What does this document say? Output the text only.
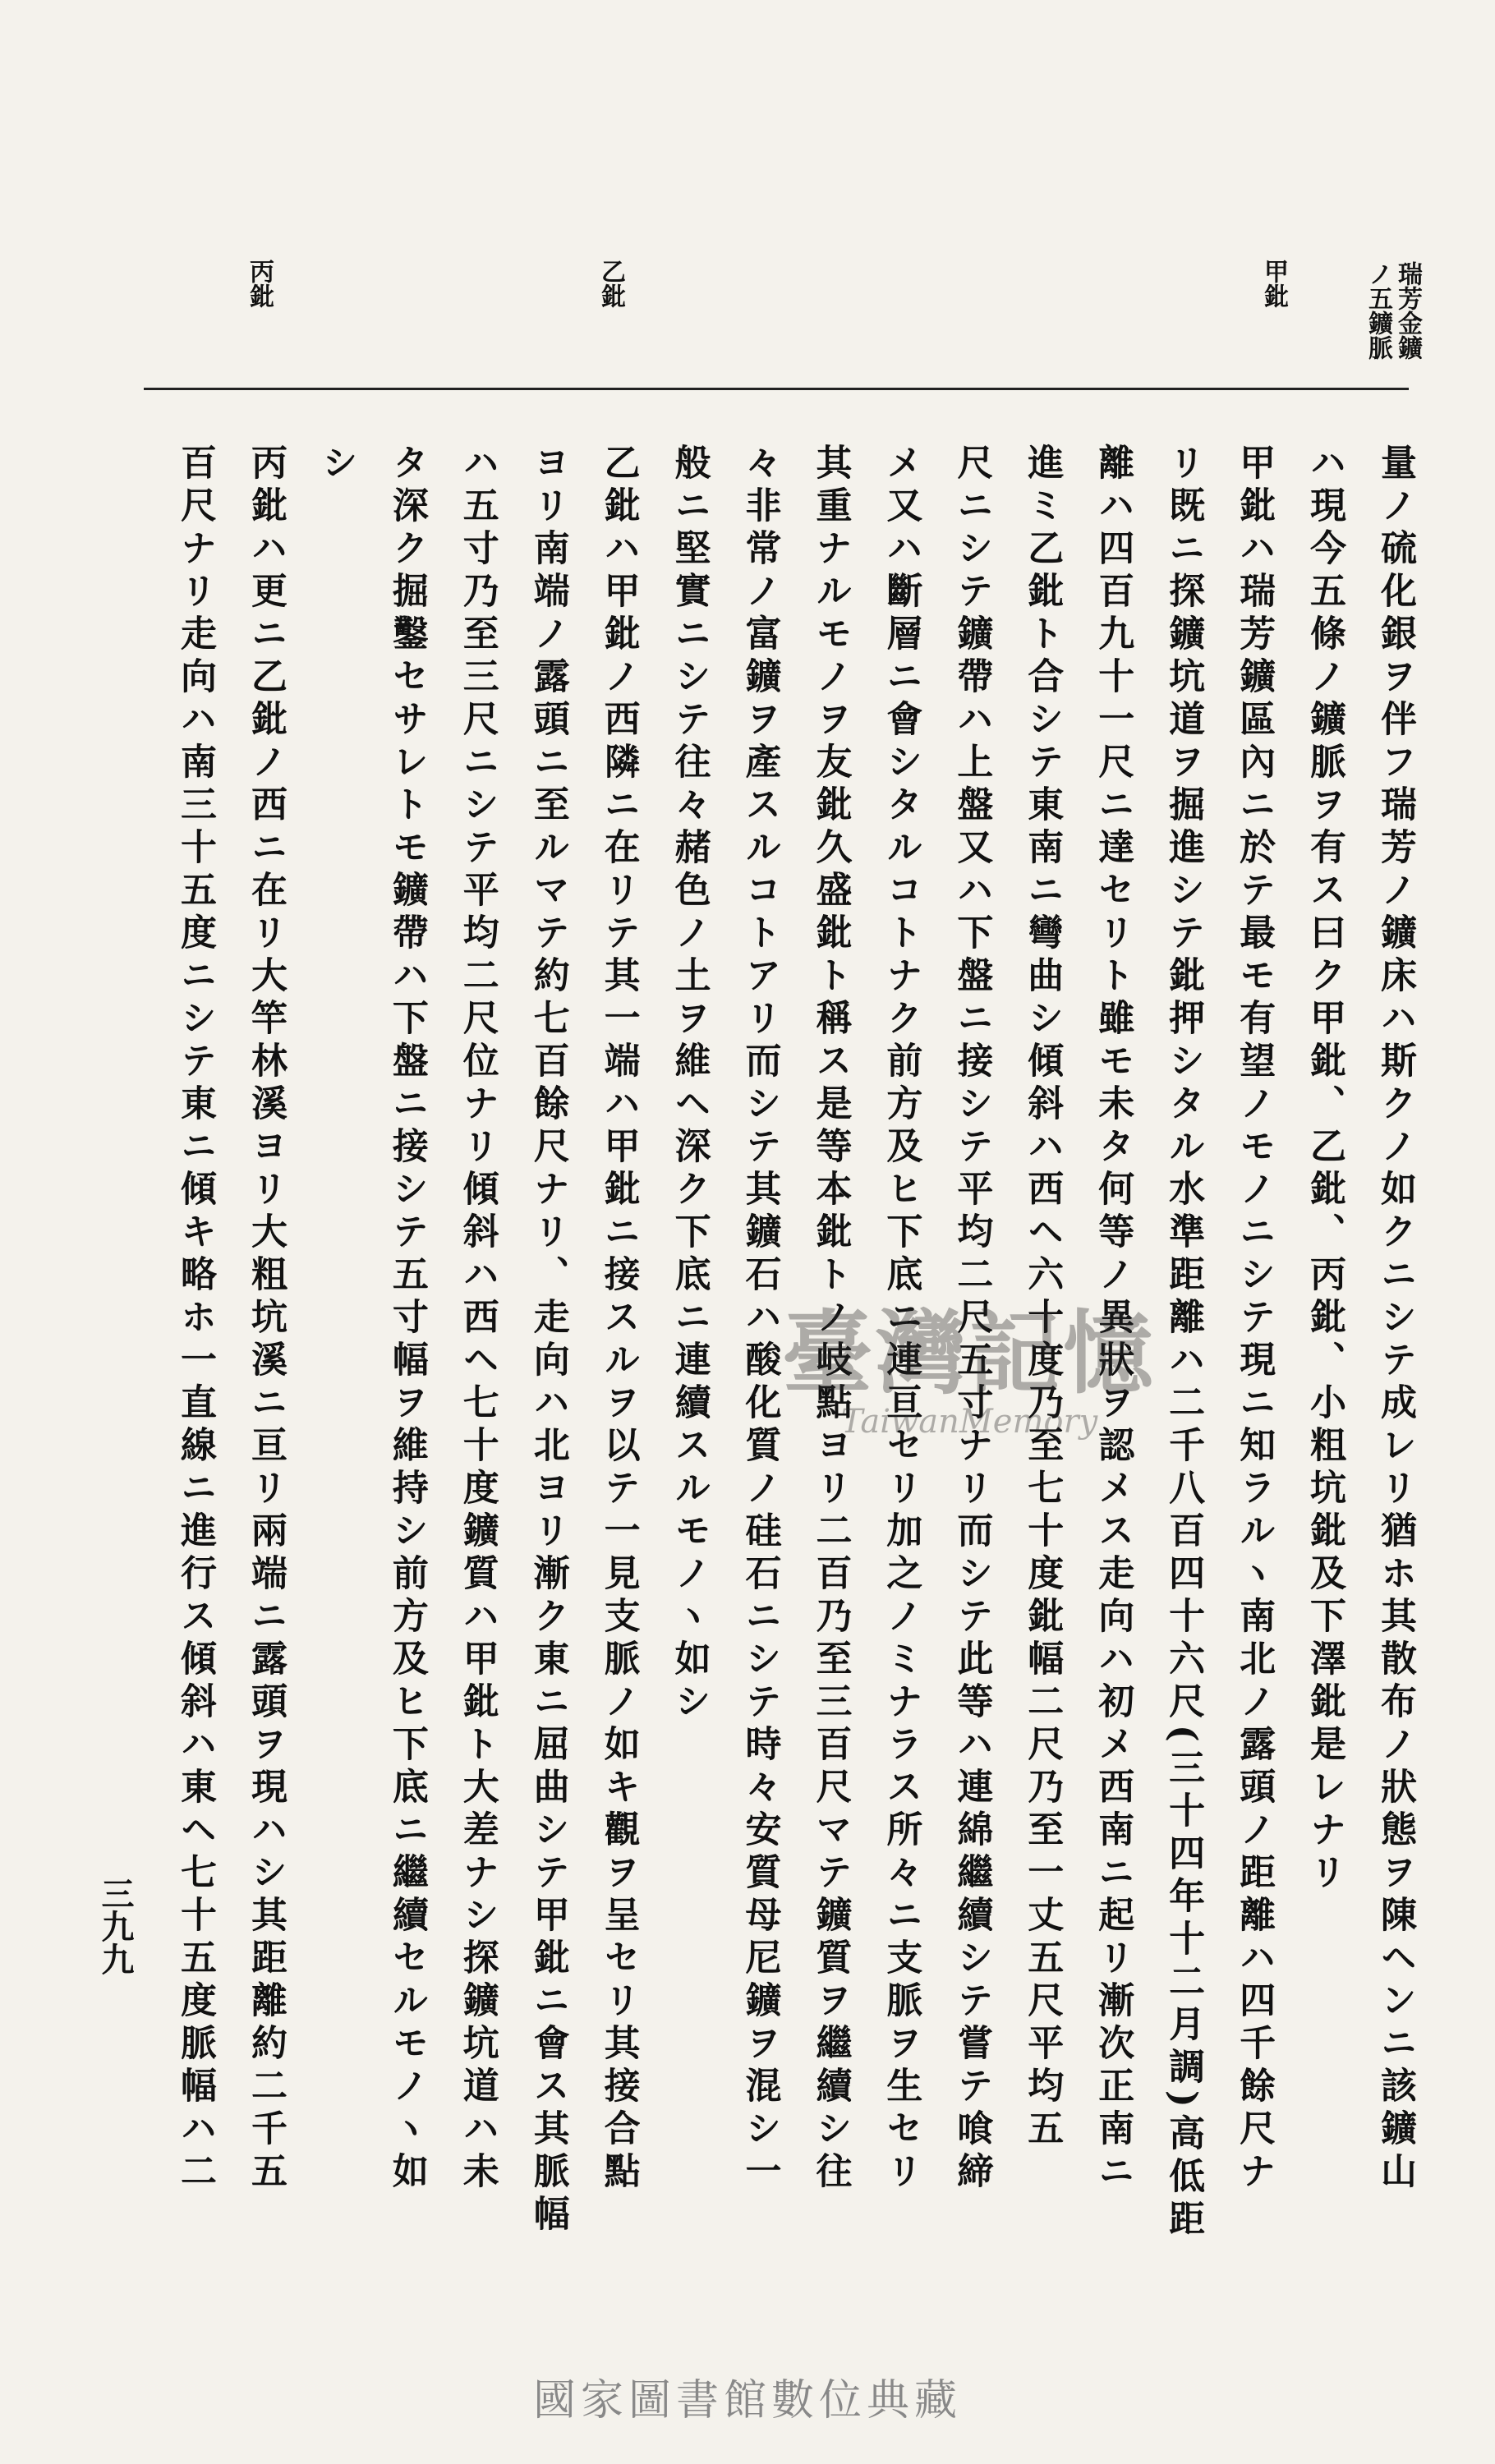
瑞芳金鑛
ノ五鑛脈
甲鈚
乙鈚
丙鈚
量ノ硫化銀ヲ伴フ瑞芳ノ鑛床ハ斯クノ如クニシテ成レリ猶ホ其散布ノ狀態ヲ陳ヘンニ該鑛山
ハ現今五條ノ鑛脈ヲ有ス曰ク甲鈚、乙鈚、丙鈚、小粗坑鈚及下澤鈚是レナリ
甲鈚ハ瑞芳鑛區內ニ於テ最モ有望ノモノニシテ現ニ知ラルヽ南北ノ露頭ノ距離ハ四千餘尺ナ
リ既ニ探鑛坑道ヲ掘進シテ鈚押シタル水準距離ハ二千八百四十六尺(三十四年十二月調)高低距
離ハ四百九十一尺ニ達セリト雖モ未タ何等ノ異狀ヲ認メス走向ハ初メ西南ニ起リ漸次正南ニ
進ミ乙鈚ト合シテ東南ニ彎曲シ傾斜ハ西ヘ六十度乃至七十度鈚幅二尺乃至一丈五尺平均五
尺ニシテ鑛帶ハ上盤又ハ下盤ニ接シテ平均二尺五寸ナリ而シテ此等ハ連綿繼續シテ嘗テ喰締
メ又ハ斷層ニ會シタルコトナク前方及ヒ下底ニ連亘セリ加之ノミナラス所々ニ支脈ヲ生セリ
其重ナルモノヲ友鈚久盛鈚ト稱ス是等本鈚トノ岐點ヨリ二百乃至三百尺マテ鑛質ヲ繼續シ往
々非常ノ富鑛ヲ產スルコトアリ而シテ其鑛石ハ酸化質ノ硅石ニシテ時々安質母尼鑛ヲ混シ一
般ニ堅實ニシテ往々赭色ノ土ヲ維ヘ深ク下底ニ連續スルモノヽ如シ
乙鈚ハ甲鈚ノ西隣ニ在リテ其一端ハ甲鈚ニ接スルヲ以テ一見支脈ノ如キ觀ヲ呈セリ其接合點
ヨリ南端ノ露頭ニ至ルマテ約七百餘尺ナリ、走向ハ北ヨリ漸ク東ニ屈曲シテ甲鈚ニ會ス其脈幅
ハ五寸乃至三尺ニシテ平均二尺位ナリ傾斜ハ西ヘ七十度鑛質ハ甲鈚ト大差ナシ探鑛坑道ハ未
タ深ク掘鑿セサレトモ鑛帶ハ下盤ニ接シテ五寸幅ヲ維持シ前方及ヒ下底ニ繼續セルモノヽ如
シ
丙鈚ハ更ニ乙鈚ノ西ニ在リ大竿林溪ヨリ大粗坑溪ニ亘リ兩端ニ露頭ヲ現ハシ其距離約二千五
百尺ナリ走向ハ南三十五度ニシテ東ニ傾キ略ホ一直線ニ進行ス傾斜ハ東ヘ七十五度脈幅ハ二
三九九
臺灣記憶
TaiwanMemory
國家圖書館數位典藏
